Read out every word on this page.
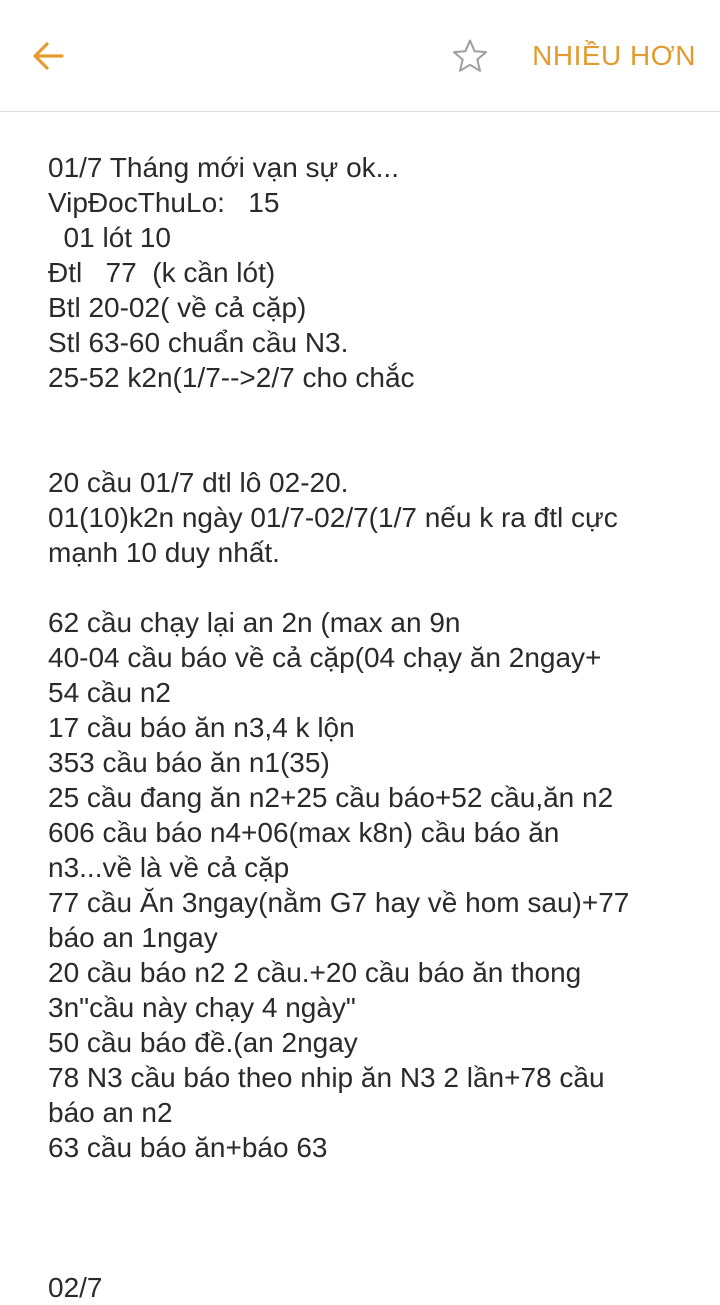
NHIỀU HƠN
01/7 Tháng mới vạn sự ok...
VipĐocThuLo:   15
01 lót 10
Đtl   77  (k cần lót)
Btl 20-02( về cả cặp)
Stl 63-60 chuẩn cầu N3.
25-52 k2n(1/7-->2/7 cho chắc
20 cầu 01/7 dtl lô 02-20.
01(10)k2n ngày 01/7-02/7(1/7 nếu k ra đtl cực
mạnh 10 duy nhất.
62 cầu chạy lại an 2n (max an 9n
40-04 cầu báo về cả cặp(04 chạy ăn 2ngay+
54 cầu n2
17 cầu báo ăn n3,4 k lộn
353 cầu báo ăn n1(35)
25 cầu đang ăn n2+25 cầu báo+52 cầu,ăn n2
606 cầu báo n4+06(max k8n) cầu báo ăn
n3...về là về cả cặp
77 cầu Ăn 3ngay(nằm G7 hay về hom sau)+77
báo an 1ngay
20 cầu báo n2 2 cầu.+20 cầu báo ăn thong
3n"cầu này chạy 4 ngày"
50 cầu báo đề.(an 2ngay
78 N3 cầu báo theo nhip ăn N3 2 lần+78 cầu
báo an n2
63 cầu báo ăn+báo 63
02/7
